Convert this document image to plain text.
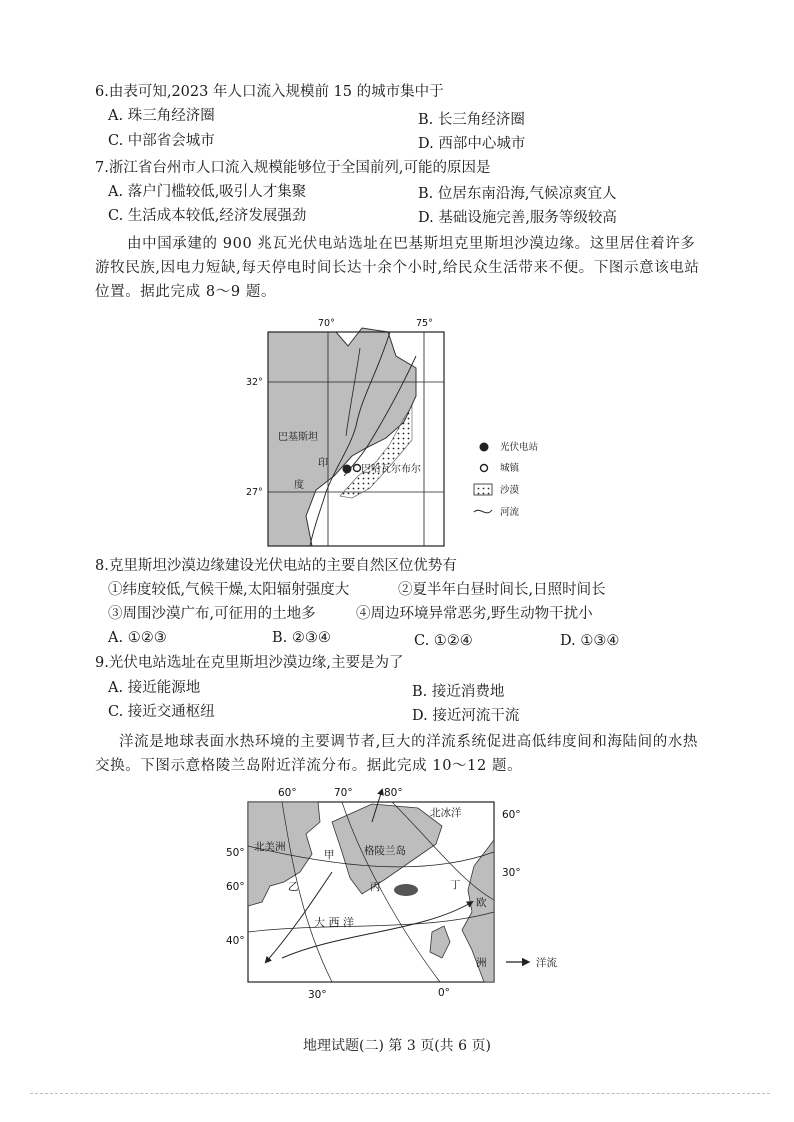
6.由表可知,2023 年人口流入规模前 15 的城市集中于
A. 珠三角经济圈	B. 长三角经济圈
C. 中部省会城市	D. 西部中心城市
7.浙江省台州市人口流入规模能够位于全国前列,可能的原因是
A. 落户门槛较低,吸引人才集聚	B. 位居东南沿海,气候凉爽宜人
C. 生活成本较低,经济发展强劲	D. 基础设施完善,服务等级较高
由中国承建的 900 兆瓦光伏电站选址在巴基斯坦克里斯坦沙漠边缘。这里居住着许多游牧民族,因电力短缺,每天停电时间长达十余个小时,给民众生活带来不便。下图示意该电站位置。据此完成 8～9 题。
70°	75°
32°
27°
巴基斯坦
巴哈瓦尔布尔
印
度
光伏电站
城镇
沙漠
河流
8.克里斯坦沙漠边缘建设光伏电站的主要自然区位优势有
①纬度较低,气候干燥,太阳辐射强度大	②夏半年白昼时间长,日照时间长
③周围沙漠广布,可征用的土地多	④周边环境异常恶劣,野生动物干扰小
A. ①②③	B. ②③④	C. ①②④	D. ①③④
9.光伏电站选址在克里斯坦沙漠边缘,主要是为了
A. 接近能源地	B. 接近消费地
C. 接近交通枢纽	D. 接近河流干流
洋流是地球表面水热环境的主要调节者,巨大的洋流系统促进高低纬度间和海陆间的水热交换。下图示意格陵兰岛附近洋流分布。据此完成 10～12 题。
60°	70°	80°
60°
30°
50°
60°
40°
30°	0°
北冰洋
北美洲	格陵兰岛
甲
乙	丙	丁
大 西 洋
欧
洲	洋流
地理试题(二) 第 3 页(共 6 页)
